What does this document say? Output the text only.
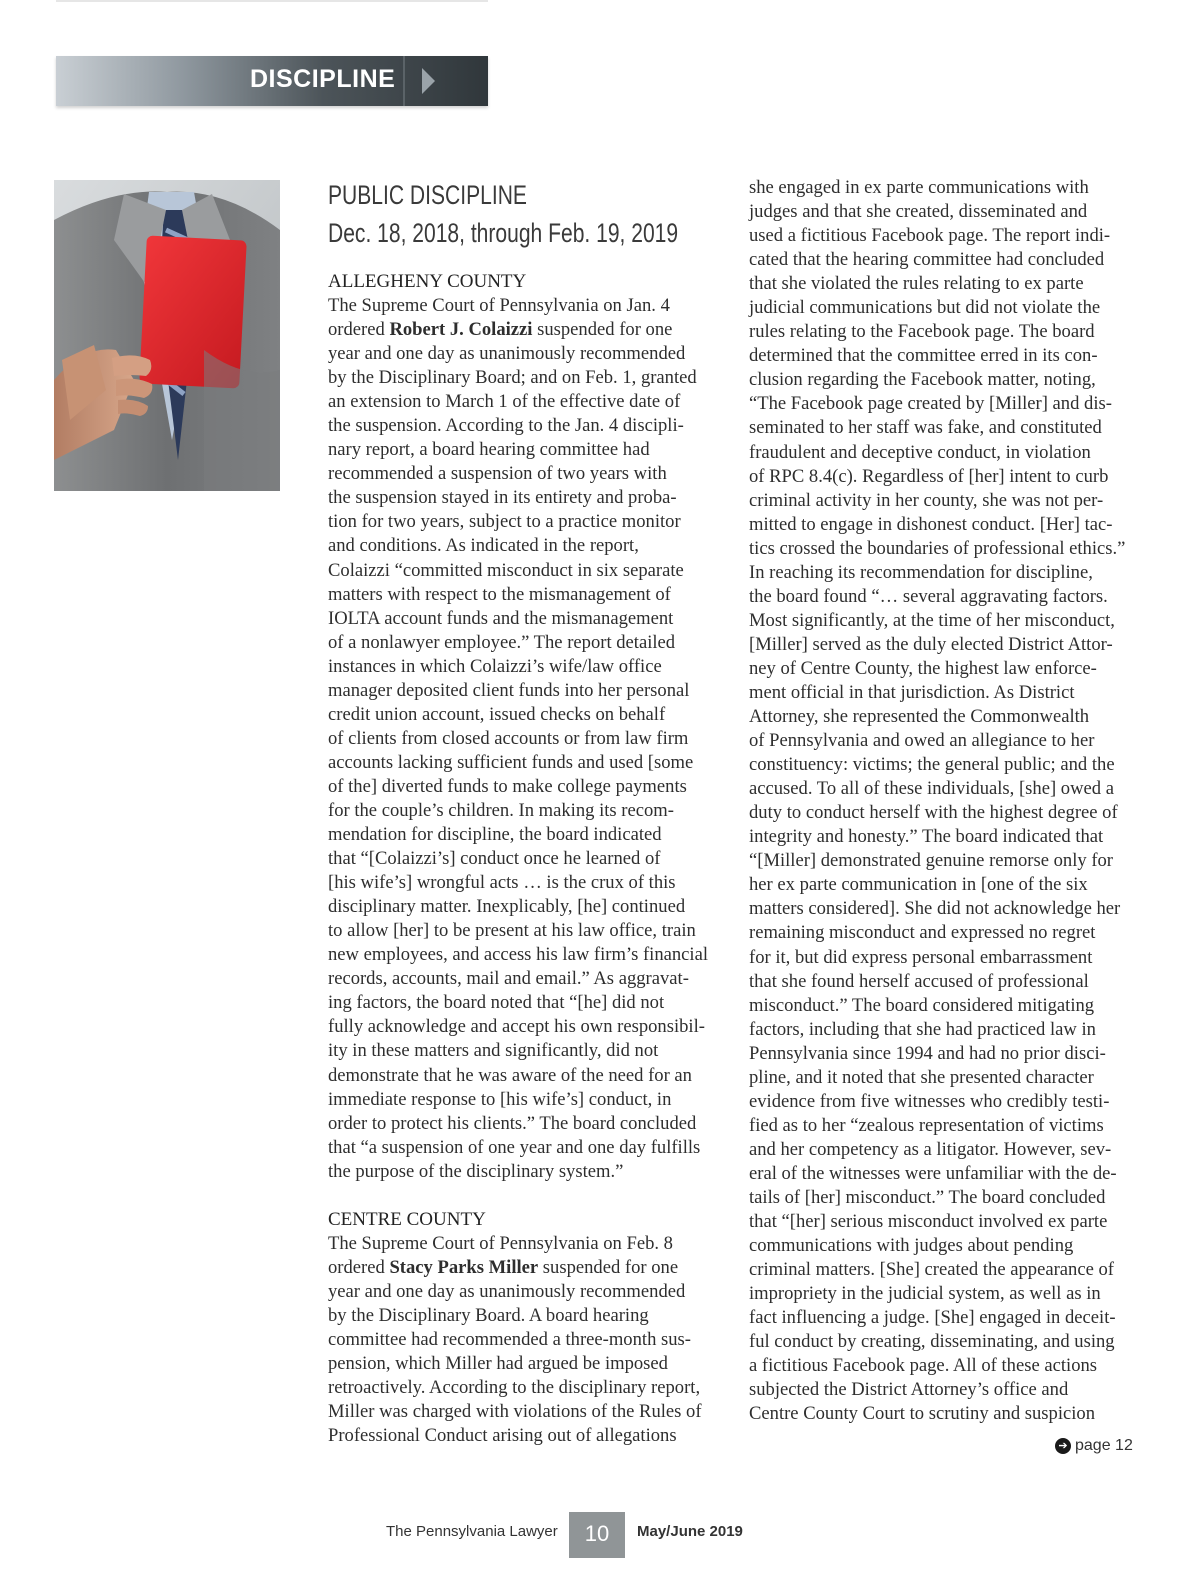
DISCIPLINE
PUBLIC DISCIPLINE
Dec. 18, 2018, through Feb. 19, 2019
ALLEGHENY COUNTY
The Supreme Court of Pennsylvania on Jan. 4
ordered Robert J. Colaizzi suspended for one
year and one day as unanimously recommended
by the Disciplinary Board; and on Feb. 1, granted
an extension to March 1 of the effective date of
the suspension. According to the Jan. 4 discipli-
nary report, a board hearing committee had
recommended a suspension of two years with
the suspension stayed in its entirety and proba-
tion for two years, subject to a practice monitor
and conditions. As indicated in the report,
Colaizzi “committed misconduct in six separate
matters with respect to the mismanagement of
IOLTA account funds and the mismanagement
of a nonlawyer employee.” The report detailed
instances in which Colaizzi’s wife/law office
manager deposited client funds into her personal
credit union account, issued checks on behalf
of clients from closed accounts or from law firm
accounts lacking sufficient funds and used [some
of the] diverted funds to make college payments
for the couple’s children. In making its recom-
mendation for discipline, the board indicated
that “[Colaizzi’s] conduct once he learned of
[his wife’s] wrongful acts … is the crux of this
disciplinary matter. Inexplicably, [he] continued
to allow [her] to be present at his law office, train
new employees, and access his law firm’s financial
records, accounts, mail and email.” As aggravat-
ing factors, the board noted that “[he] did not
fully acknowledge and accept his own responsibil-
ity in these matters and significantly, did not
demonstrate that he was aware of the need for an
immediate response to [his wife’s] conduct, in
order to protect his clients.” The board concluded
that “a suspension of one year and one day fulfills
the purpose of the disciplinary system.”
CENTRE COUNTY
The Supreme Court of Pennsylvania on Feb. 8
ordered Stacy Parks Miller suspended for one
year and one day as unanimously recommended
by the Disciplinary Board. A board hearing
committee had recommended a three-month sus-
pension, which Miller had argued be imposed
retroactively. According to the disciplinary report,
Miller was charged with violations of the Rules of
Professional Conduct arising out of allegations
she engaged in ex parte communications with
judges and that she created, disseminated and
used a fictitious Facebook page. The report indi-
cated that the hearing committee had concluded
that she violated the rules relating to ex parte
judicial communications but did not violate the
rules relating to the Facebook page. The board
determined that the committee erred in its con-
clusion regarding the Facebook matter, noting,
“The Facebook page created by [Miller] and dis-
seminated to her staff was fake, and constituted
fraudulent and deceptive conduct, in violation
of RPC 8.4(c). Regardless of [her] intent to curb
criminal activity in her county, she was not per-
mitted to engage in dishonest conduct. [Her] tac-
tics crossed the boundaries of professional ethics.”
In reaching its recommendation for discipline,
the board found “… several aggravating factors.
Most significantly, at the time of her misconduct,
[Miller] served as the duly elected District Attor-
ney of Centre County, the highest law enforce-
ment official in that jurisdiction. As District
Attorney, she represented the Commonwealth
of Pennsylvania and owed an allegiance to her
constituency: victims; the general public; and the
accused. To all of these individuals, [she] owed a
duty to conduct herself with the highest degree of
integrity and honesty.” The board indicated that
“[Miller] demonstrated genuine remorse only for
her ex parte communication in [one of the six
matters considered]. She did not acknowledge her
remaining misconduct and expressed no regret
for it, but did express personal embarrassment
that she found herself accused of professional
misconduct.” The board considered mitigating
factors, including that she had practiced law in
Pennsylvania since 1994 and had no prior disci-
pline, and it noted that she presented character
evidence from five witnesses who credibly testi-
fied as to her “zealous representation of victims
and her competency as a litigator. However, sev-
eral of the witnesses were unfamiliar with the de-
tails of [her] misconduct.” The board concluded
that “[her] serious misconduct involved ex parte
communications with judges about pending
criminal matters. [She] created the appearance of
impropriety in the judicial system, as well as in
fact influencing a judge. [She] engaged in deceit-
ful conduct by creating, disseminating, and using
a fictitious Facebook page. All of these actions
subjected the District Attorney’s office and
Centre County Court to scrutiny and suspicion
➔ page 12
The Pennsylvania Lawyer	10	May/June 2019
